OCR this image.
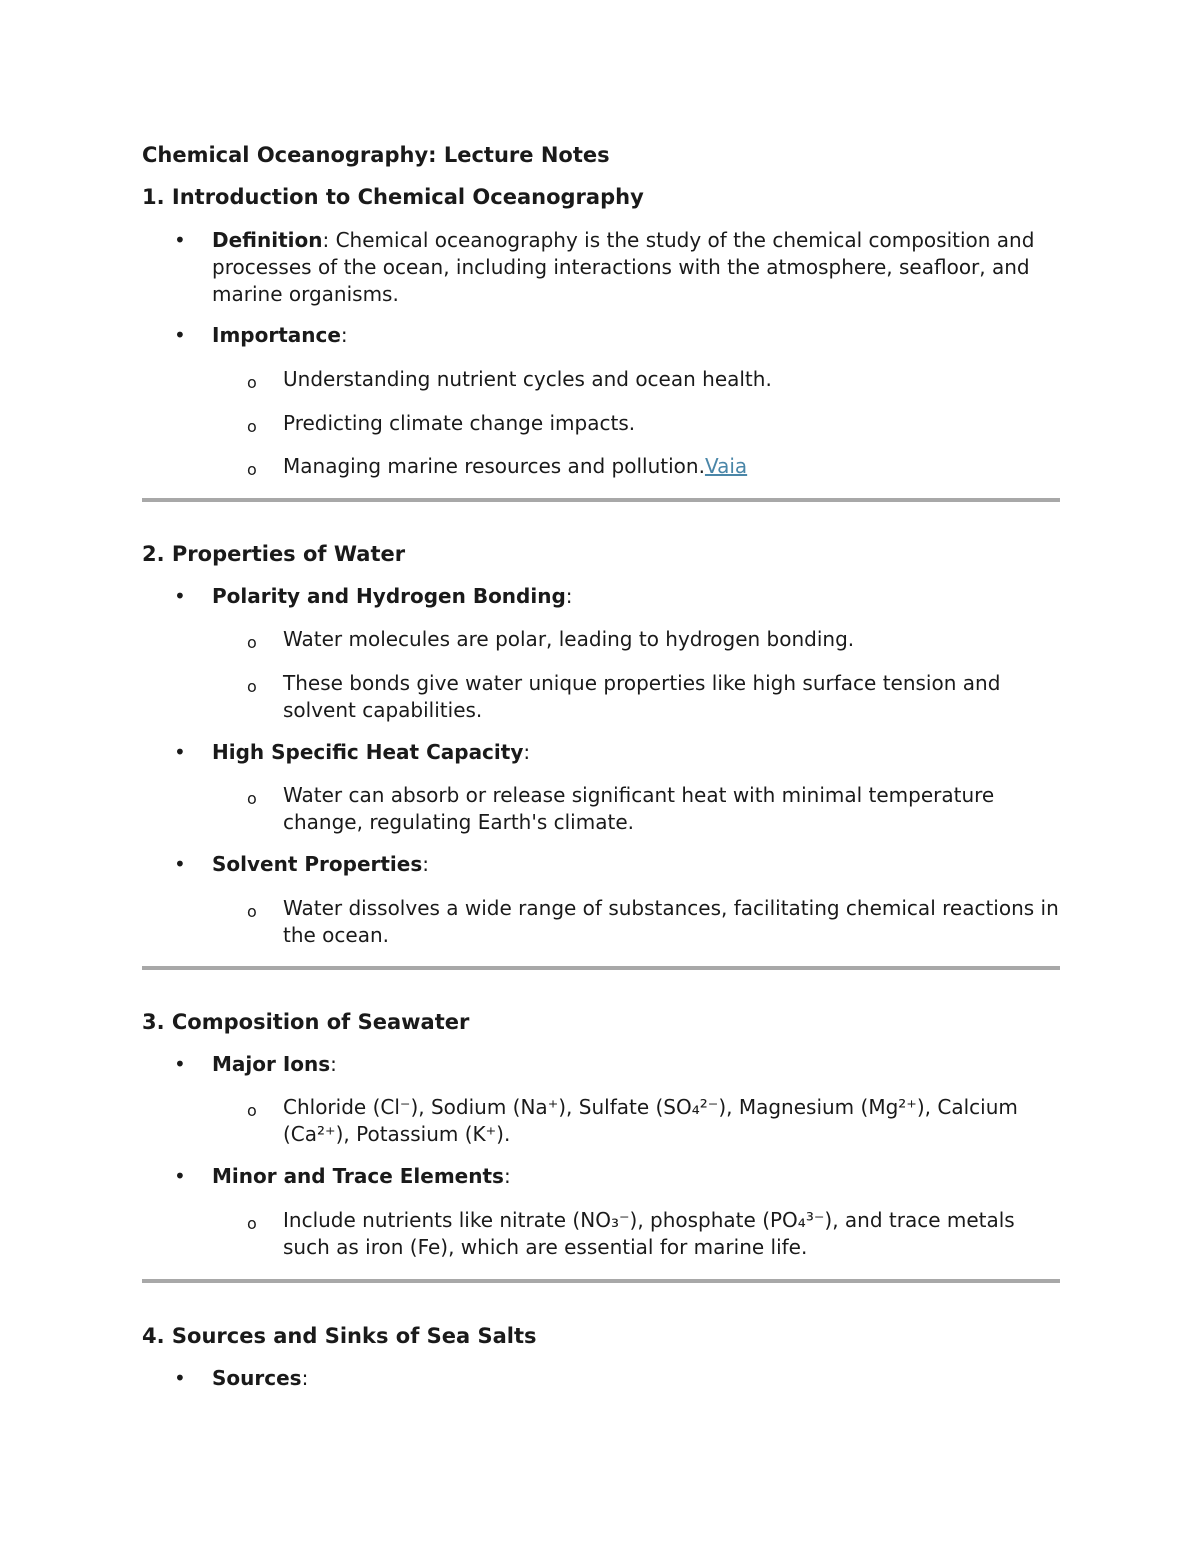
Chemical Oceanography: Lecture Notes
1. Introduction to Chemical Oceanography
• Definition: Chemical oceanography is the study of the chemical composition and processes of the ocean, including interactions with the atmosphere, seafloor, and marine organisms.
• Importance:
o Understanding nutrient cycles and ocean health.
o Predicting climate change impacts.
o Managing marine resources and pollution.Vaia
2. Properties of Water
• Polarity and Hydrogen Bonding:
o Water molecules are polar, leading to hydrogen bonding.
o These bonds give water unique properties like high surface tension and solvent capabilities.
• High Specific Heat Capacity:
o Water can absorb or release significant heat with minimal temperature change, regulating Earth's climate.
• Solvent Properties:
o Water dissolves a wide range of substances, facilitating chemical reactions in the ocean.
3. Composition of Seawater
• Major Ions:
o Chloride (Cl⁻), Sodium (Na⁺), Sulfate (SO₄²⁻), Magnesium (Mg²⁺), Calcium (Ca²⁺), Potassium (K⁺).
• Minor and Trace Elements:
o Include nutrients like nitrate (NO₃⁻), phosphate (PO₄³⁻), and trace metals such as iron (Fe), which are essential for marine life.
4. Sources and Sinks of Sea Salts
• Sources:
